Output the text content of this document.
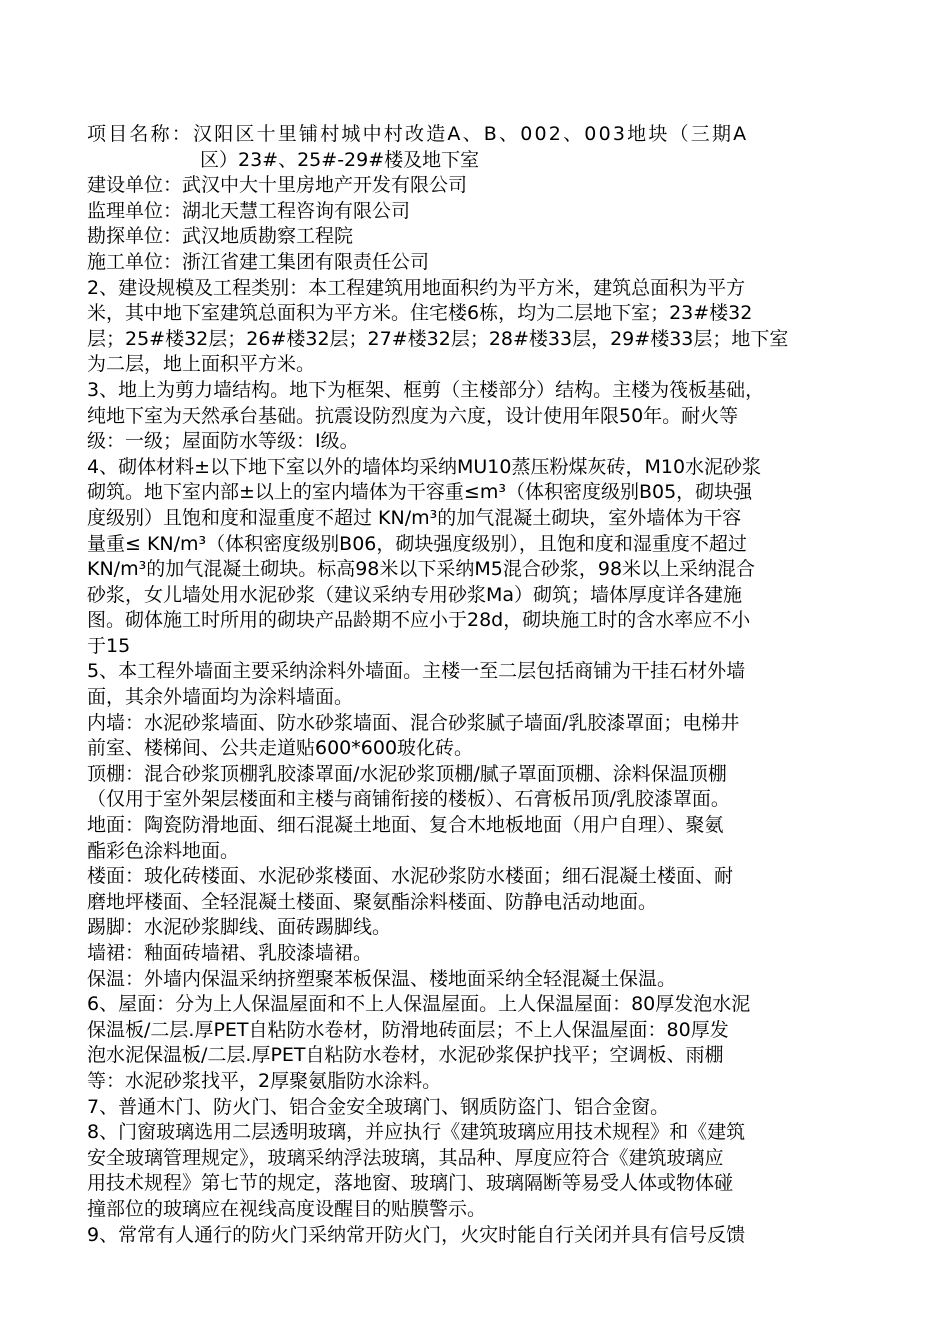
项目名称：汉阳区十里铺村城中村改造A、B、002、003地块（三期A
区）23#、25#-29#楼及地下室
建设单位：武汉中大十里房地产开发有限公司
监理单位：湖北天慧工程咨询有限公司
勘探单位：武汉地质勘察工程院
施工单位：浙江省建工集团有限责任公司
2、建设规模及工程类别：本工程建筑用地面积约为平方米，建筑总面积为平方
米，其中地下室建筑总面积为平方米。住宅楼6栋，均为二层地下室；23#楼32
层；25#楼32层；26#楼32层；27#楼32层；28#楼33层，29#楼33层；地下室
为二层，地上面积平方米。
3、地上为剪力墙结构。地下为框架、框剪（主楼部分）结构。主楼为筏板基础，
纯地下室为天然承台基础。抗震设防烈度为六度，设计使用年限50年。耐火等
级：一级；屋面防水等级：Ⅰ级。
4、砌体材料±以下地下室以外的墙体均采纳MU10蒸压粉煤灰砖，M10水泥砂浆
砌筑。地下室内部±以上的室内墙体为干容重≤m³（体积密度级别B05，砌块强
度级别）且饱和度和湿重度不超过 KN/m³的加气混凝土砌块，室外墙体为干容
量重≤ KN/m³（体积密度级别B06，砌块强度级别），且饱和度和湿重度不超过
KN/m³的加气混凝土砌块。标高98米以下采纳M5混合砂浆，98米以上采纳混合
砂浆，女儿墙处用水泥砂浆（建议采纳专用砂浆Ma）砌筑；墙体厚度详各建施
图。砌体施工时所用的砌块产品龄期不应小于28d，砌块施工时的含水率应不小
于15
5、本工程外墙面主要采纳涂料外墙面。主楼一至二层包括商铺为干挂石材外墙
面，其余外墙面均为涂料墙面。
内墙：水泥砂浆墙面、防水砂浆墙面、混合砂浆腻子墙面/乳胶漆罩面；电梯井
前室、楼梯间、公共走道贴600*600玻化砖。
顶棚：混合砂浆顶棚乳胶漆罩面/水泥砂浆顶棚/腻子罩面顶棚、涂料保温顶棚
（仅用于室外架层楼面和主楼与商铺衔接的楼板）、石膏板吊顶/乳胶漆罩面。
地面：陶瓷防滑地面、细石混凝土地面、复合木地板地面（用户自理）、聚氨
酯彩色涂料地面。
楼面：玻化砖楼面、水泥砂浆楼面、水泥砂浆防水楼面；细石混凝土楼面、耐
磨地坪楼面、全轻混凝土楼面、聚氨酯涂料楼面、防静电活动地面。
踢脚：水泥砂浆脚线、面砖踢脚线。
墙裙：釉面砖墙裙、乳胶漆墙裙。
保温：外墙内保温采纳挤塑聚苯板保温、楼地面采纳全轻混凝土保温。
6、屋面：分为上人保温屋面和不上人保温屋面。上人保温屋面：80厚发泡水泥
保温板/二层.厚PET自粘防水卷材，防滑地砖面层；不上人保温屋面：80厚发
泡水泥保温板/二层.厚PET自粘防水卷材，水泥砂浆保护找平；空调板、雨棚
等：水泥砂浆找平，2厚聚氨脂防水涂料。
7、普通木门、防火门、铝合金安全玻璃门、钢质防盗门、铝合金窗。
8、门窗玻璃选用二层透明玻璃，并应执行《建筑玻璃应用技术规程》和《建筑
安全玻璃管理规定》，玻璃采纳浮法玻璃，其品种、厚度应符合《建筑玻璃应
用技术规程》第七节的规定，落地窗、玻璃门、玻璃隔断等易受人体或物体碰
撞部位的玻璃应在视线高度设醒目的贴膜警示。
9、常常有人通行的防火门采纳常开防火门，火灾时能自行关闭并具有信号反馈
